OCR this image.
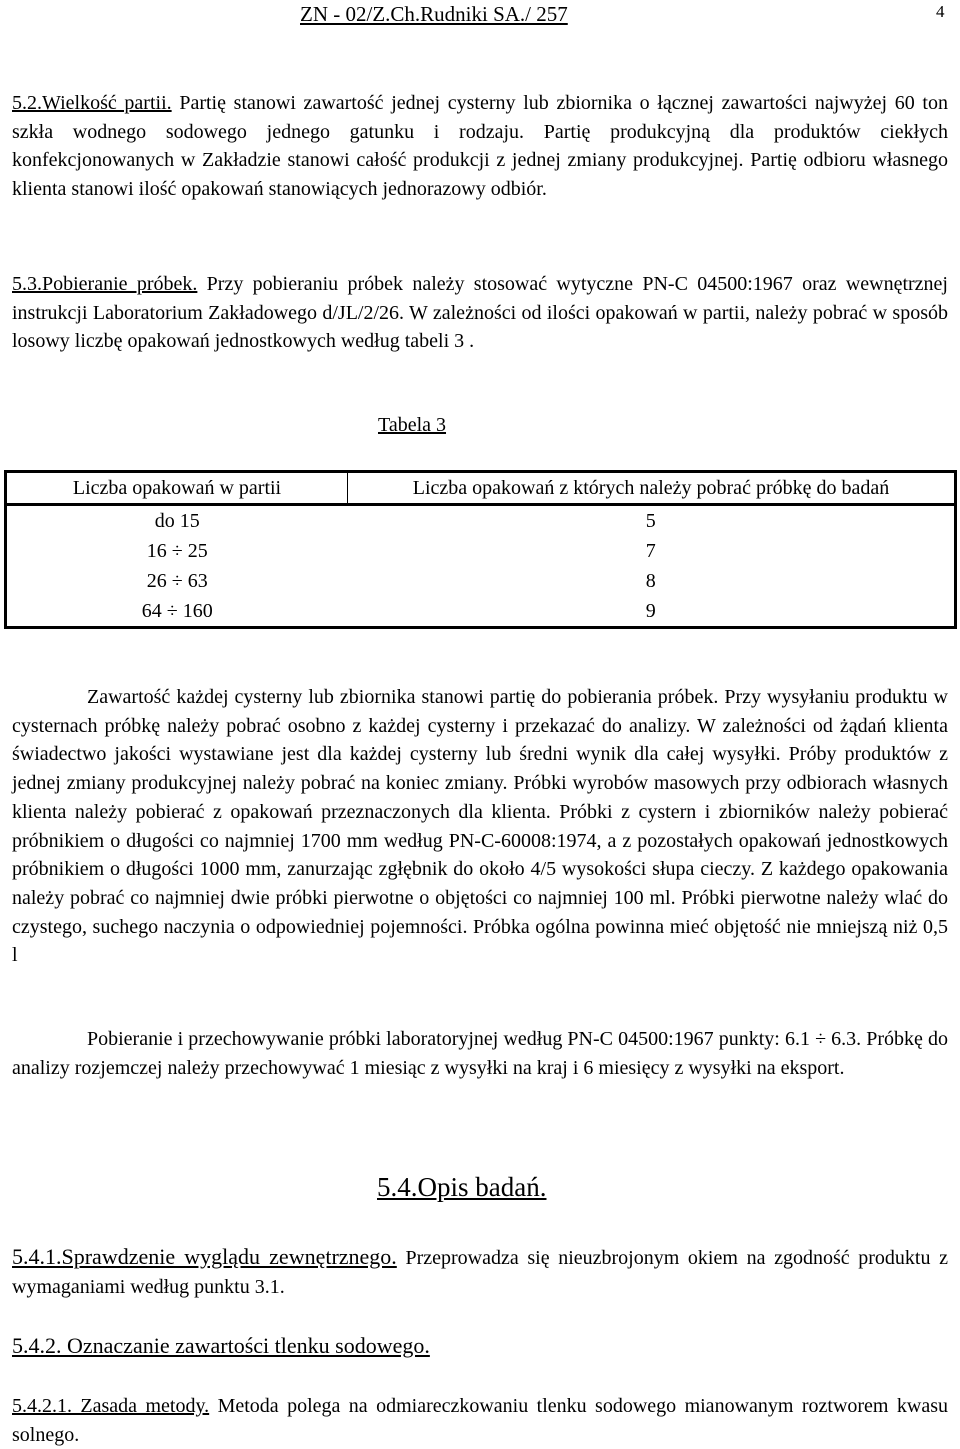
ZN - 02/Z.Ch.Rudniki SA./ 257	4
5.2.Wielkość partii. Partię stanowi zawartość jednej cysterny lub zbiornika o łącznej zawartości najwyżej 60 ton szkła wodnego sodowego jednego gatunku i rodzaju. Partię produkcyjną dla produktów ciekłych konfekcjonowanych w Zakładzie stanowi całość produkcji z jednej zmiany produkcyjnej. Partię odbioru własnego klienta stanowi ilość opakowań stanowiących jednorazowy odbiór.
5.3.Pobieranie próbek. Przy pobieraniu próbek należy stosować wytyczne PN-C 04500:1967 oraz wewnętrznej instrukcji Laboratorium Zakładowego d/JL/2/26. W zależności od ilości opakowań w partii, należy pobrać w sposób losowy liczbę opakowań jednostkowych według tabeli 3 .
Tabela 3
Liczba opakowań w partii	Liczba opakowań z których należy pobrać próbkę do badań
do 15	5
16 ÷ 25	7
26 ÷ 63	8
64 ÷ 160	9
Zawartość każdej cysterny lub zbiornika stanowi partię do pobierania próbek. Przy wysyłaniu produktu w cysternach próbkę należy pobrać osobno z każdej cysterny i przekazać do analizy. W zależności od żądań klienta świadectwo jakości wystawiane jest dla każdej cysterny lub średni wynik dla całej wysyłki. Próby produktów z jednej zmiany produkcyjnej należy pobrać na koniec zmiany. Próbki wyrobów masowych przy odbiorach własnych klienta należy pobierać z opakowań przeznaczonych dla klienta. Próbki z cystern i zbiorników należy pobierać próbnikiem o długości co najmniej 1700 mm według PN-C-60008:1974, a z pozostałych opakowań jednostkowych próbnikiem o długości 1000 mm, zanurzając zgłębnik do około 4/5 wysokości słupa cieczy. Z każdego opakowania należy pobrać co najmniej dwie próbki pierwotne o objętości co najmniej 100 ml. Próbki pierwotne należy wlać do czystego, suchego naczynia o odpowiedniej pojemności. Próbka ogólna powinna mieć objętość nie mniejszą niż 0,5 l
Pobieranie i przechowywanie próbki laboratoryjnej według PN-C 04500:1967 punkty: 6.1 ÷ 6.3. Próbkę do analizy rozjemczej należy przechowywać 1 miesiąc z wysyłki na kraj i 6 miesięcy z wysyłki na eksport.
5.4.Opis badań.
5.4.1.Sprawdzenie wyglądu zewnętrznego. Przeprowadza się nieuzbrojonym okiem na zgodność produktu z wymaganiami według punktu 3.1.
5.4.2. Oznaczanie zawartości tlenku sodowego.
5.4.2.1. Zasada metody. Metoda polega na odmiareczkowaniu tlenku sodowego mianowanym roztworem kwasu solnego.
